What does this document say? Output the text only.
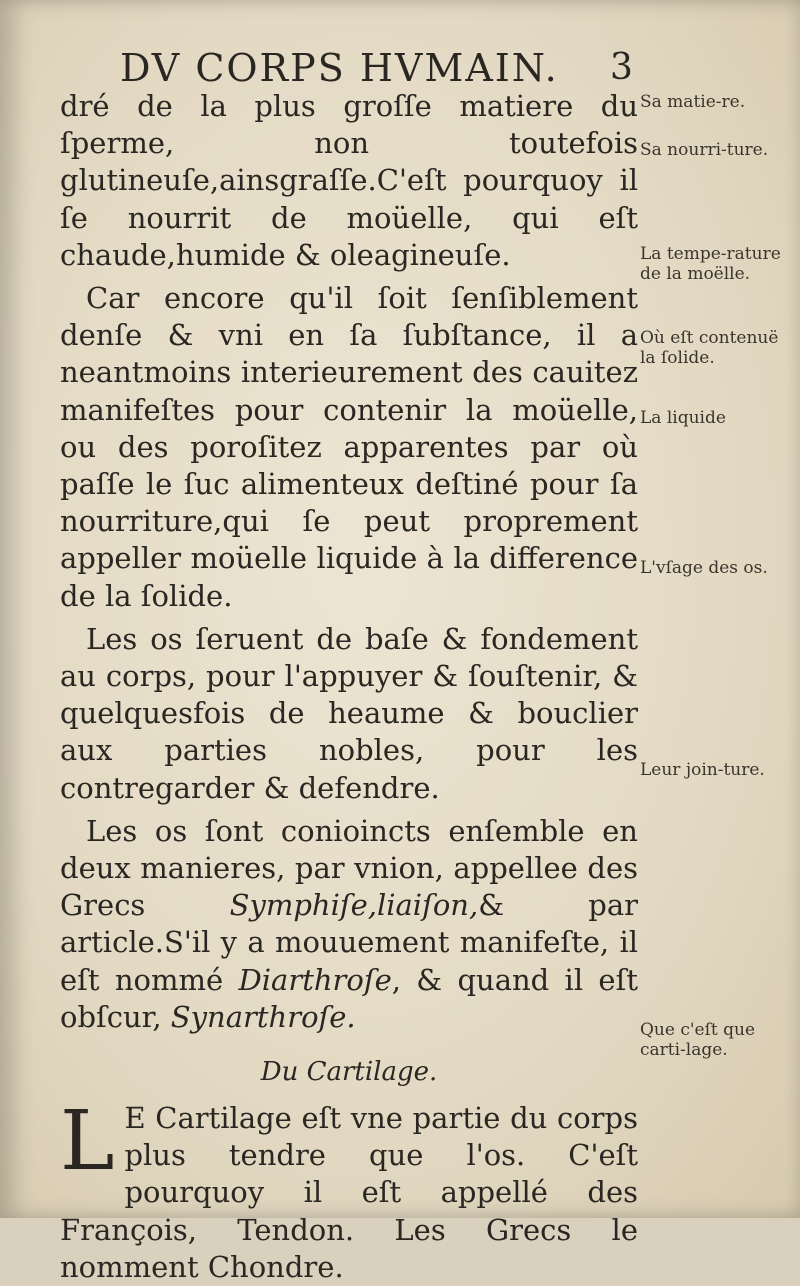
DV CORPS HVMAIN. 3

dré de la plus groſſe matiere du ſperme, non toutefois glutineuſe,ainsgraſſe.C'eſt pourquoy il ſe nourrit de moüelle, qui eſt chaude,humide & oleagineuſe.

Car encore qu'il ſoit ſenſiblement denſe & vni en ſa ſubſtance, il a neantmoins interieurement des cauitez manifeſtes pour contenir la moüelle, ou des poroſitez apparentes par où paſſe le ſuc alimenteux deſtiné pour ſa nourriture,qui ſe peut proprement appeller moüelle liquide à la difference de la ſolide.

Les os ſeruent de baſe & fondement au corps, pour l'appuyer & ſouſtenir, & quelquesfois de heaume & bouclier aux parties nobles, pour les contregarder & defendre.

Les os ſont conioincts enſemble en deux manieres, par vnion, appellee des Grecs Symphiſe,liaiſon,& par article.S'il y a mouuement manifeſte, il eſt nommé Diarthroſe, & quand il eſt obſcur, Synarthroſe.

Du Cartilage.

L E Cartilage eſt vne partie du corps plus tendre que l'os. C'eſt pourquoy il eſt appellé des François, Tendon. Les Grecs le nomment Chondre.

Sa matie-re.
Sa nourri-ture.
La tempe-rature de la moëlle.
Où eſt contenuë la ſolide.
La liquide
L'vſage des os.
Leur join-ture.
Que c'eſt que carti-lage.
